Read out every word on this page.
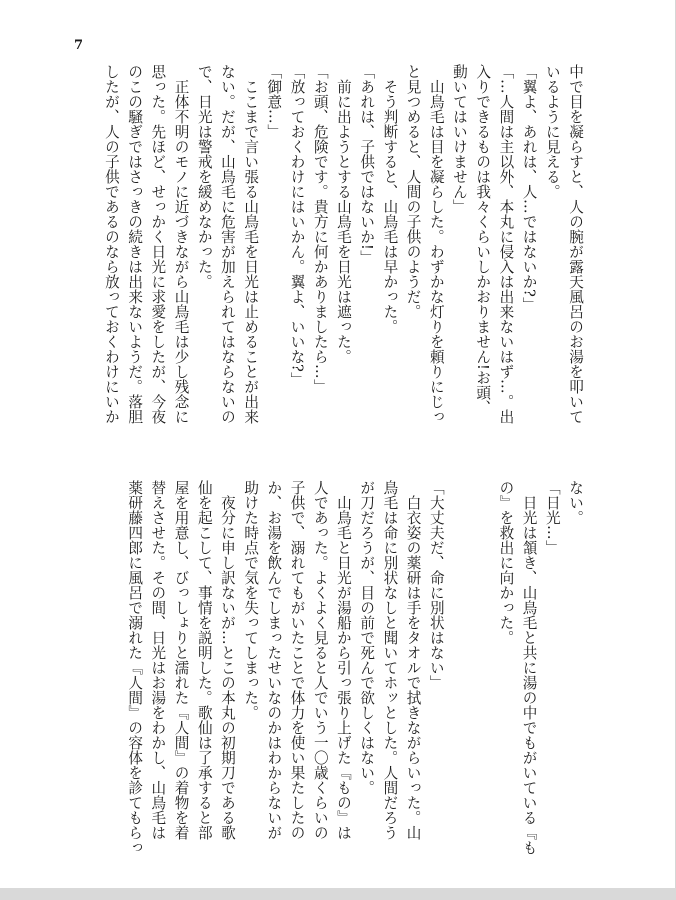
7

中で目を凝らすと、人の腕が露天風呂のお湯を叩いて

いるように見える。

「翼よ、あれは、人…ではないか?」

「…人間は主以外、本丸に侵入は出来ないはず…。出

入りできるものは我々くらいしかおりません!お頭、

動いてはいけません」

　山鳥毛は目を凝らした。わずかな灯りを頼りにじっ

と見つめると、人間の子供のようだ。

　そう判断すると、山鳥毛は早かった。

「あれは、子供ではないか!」

　前に出ようとする山鳥毛を日光は遮った。

「お頭、危険です。貴方に何かありましたら…」

「放っておくわけにはいかん。翼よ、いいな?」

「御意…」

　ここまで言い張る山鳥毛を日光は止めることが出来

ない。だが、山鳥毛に危害が加えられてはならないの

で、日光は警戒を緩めなかった。

　正体不明のモノに近づきながら山鳥毛は少し残念に

思った。先ほど、せっかく日光に求愛をしたが、今夜

のこの騒ぎではさっきの続きは出来ないようだ。落胆

したが、人の子供であるのなら放っておくわけにいか

ない。

「日光…」

　日光は頷き、山鳥毛と共に湯の中でもがいている『も

の』を救出に向かった。

「大丈夫だ、命に別状はない」

　白衣姿の薬研は手をタオルで拭きながらいった。山

鳥毛は命に別状なしと聞いてホッとした。人間だろう

が刀だろうが、目の前で死んで欲しくはない。

　山鳥毛と日光が湯船から引っ張り上げた『もの』は

人であった。よくよく見ると人でいう一〇歳くらいの

子供で、溺れてもがいたことで体力を使い果たしたの

か、お湯を飲んでしまったせいなのかはわからないが

助けた時点で気を失ってしまった。

　夜分に申し訳ないが…とこの本丸の初期刀である歌

仙を起こして、事情を説明した。歌仙は了承すると部

屋を用意し、びっしょりと濡れた『人間』の着物を着

替えさせた。その間、日光はお湯をわかし、山鳥毛は

薬研藤四郎に風呂で溺れた『人間』の容体を診てもらっ
